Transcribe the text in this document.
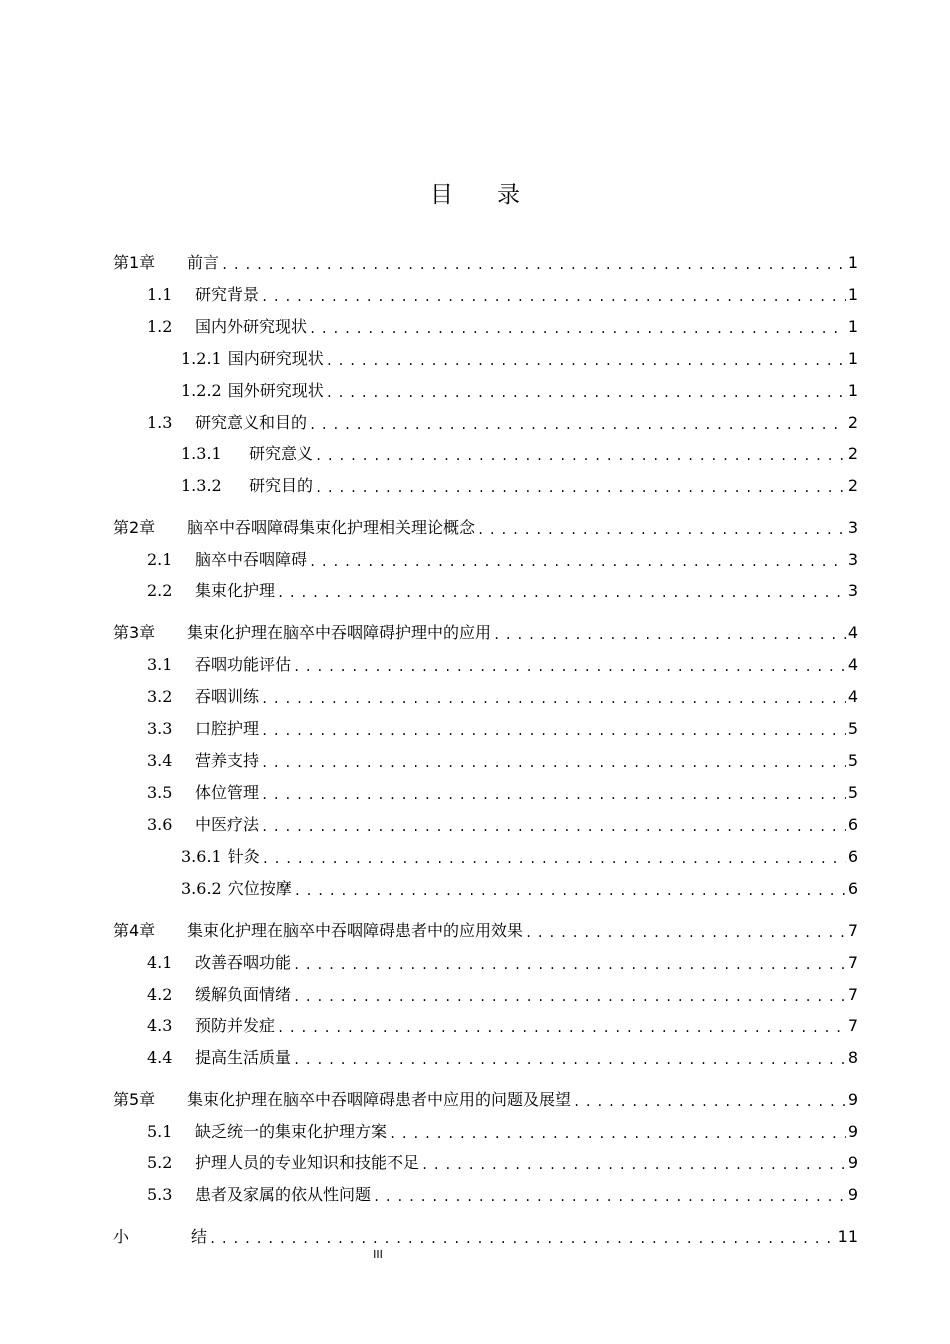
目录
第1章	前言 .....	1
1.1	研究背景 .....	1
1.2	国内外研究现状 .....	1
1.2.1 国内研究现状 .....	1
1.2.2 国外研究现状 .....	1
1.3	研究意义和目的 .....	2
1.3.1	研究意义 .....	2
1.3.2	研究目的 .....	2
第2章	脑卒中吞咽障碍集束化护理相关理论概念 .....	3
2.1	脑卒中吞咽障碍 .....	3
2.2	集束化护理 .....	3
第3章	集束化护理在脑卒中吞咽障碍护理中的应用 .....	4
3.1	吞咽功能评估 .....	4
3.2	吞咽训练 .....	4
3.3	口腔护理 .....	5
3.4	营养支持 .....	5
3.5	体位管理 .....	5
3.6	中医疗法 .....	6
3.6.1 针灸 .....	6
3.6.2 穴位按摩 .....	6
第4章	集束化护理在脑卒中吞咽障碍患者中的应用效果 .....	7
4.1	改善吞咽功能 .....	7
4.2	缓解负面情绪 .....	7
4.3	预防并发症 .....	7
4.4	提高生活质量 .....	8
第5章	集束化护理在脑卒中吞咽障碍患者中应用的问题及展望 .....	9
5.1	缺乏统一的集束化护理方案 .....	9
5.2	护理人员的专业知识和技能不足 .....	9
5.3	患者及家属的依从性问题 .....	9
小	结 .....	11
III
